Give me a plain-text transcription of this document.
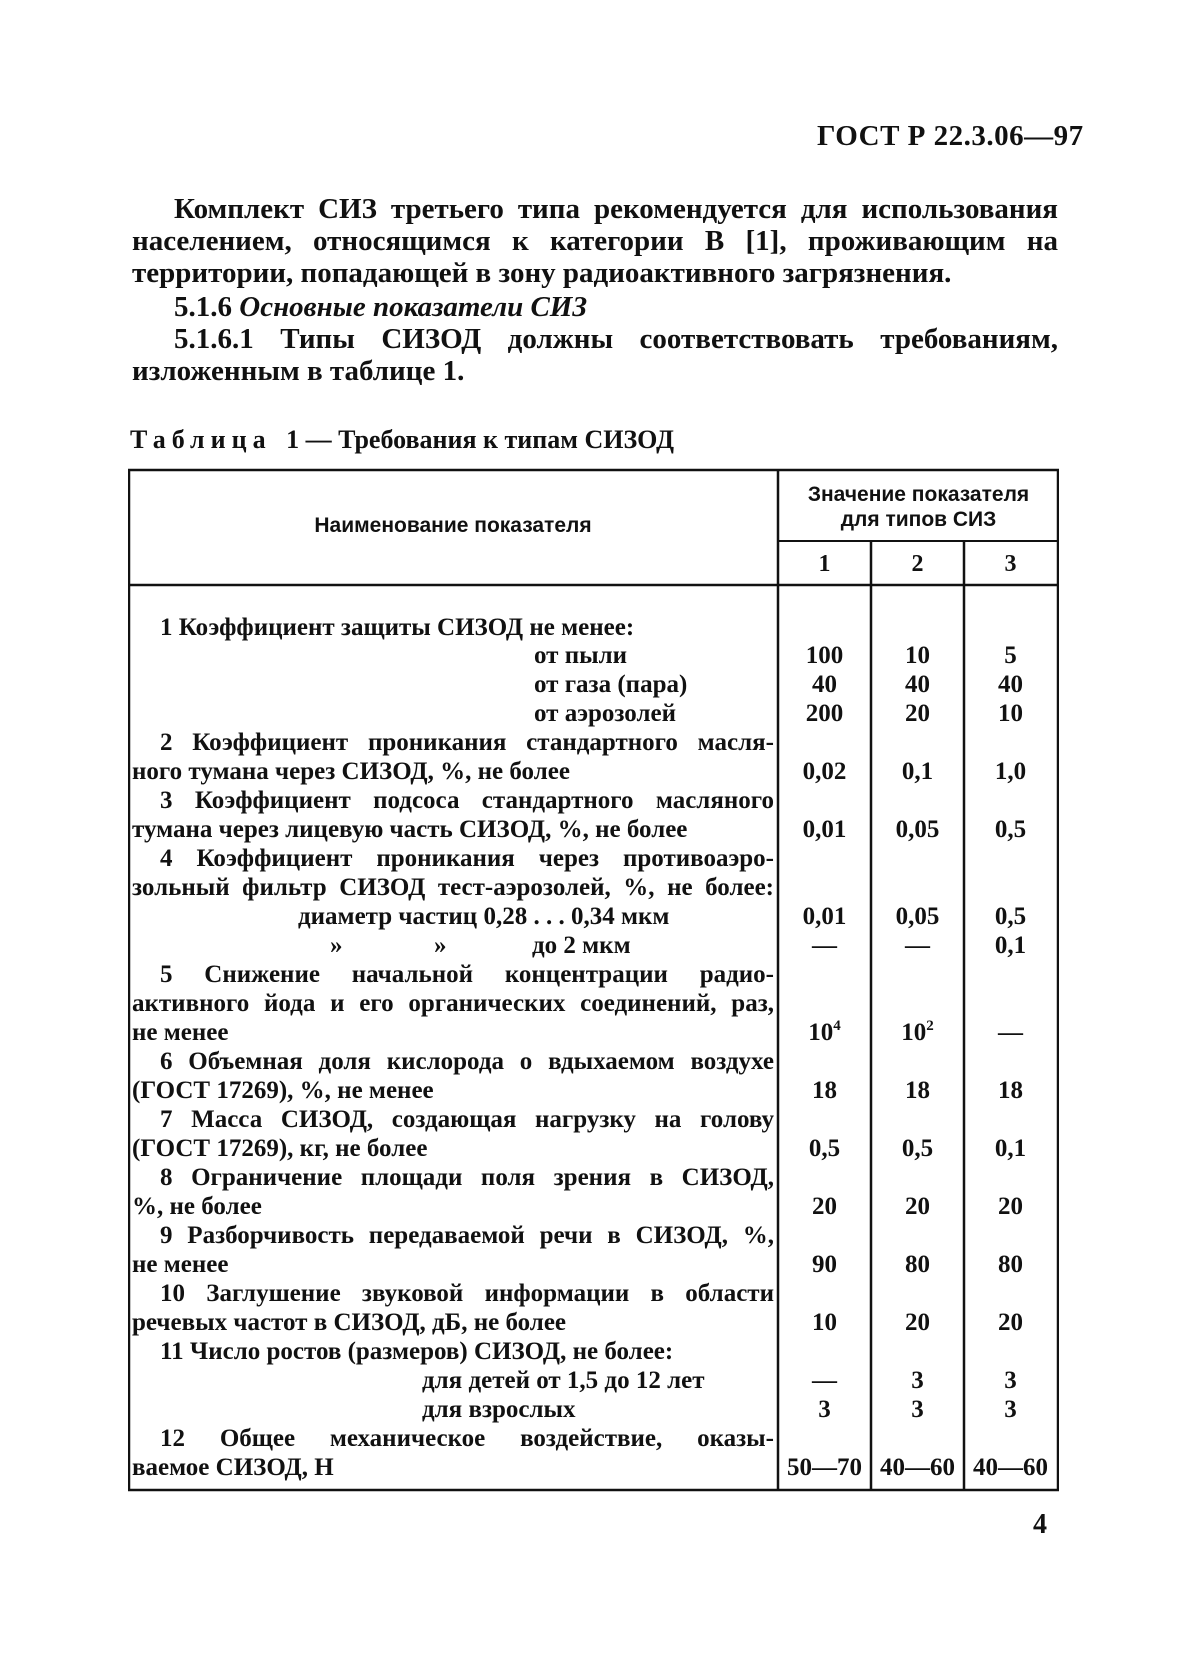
ГОСТ Р 22.3.06—97

Комплект СИЗ третьего типа рекомендуется для использования населением, относящимся к категории В [1], проживающим на территории, попадающей в зону радиоактивного загрязнения.

5.1.6 Основные показатели СИЗ

5.1.6.1 Типы СИЗОД должны соответствовать требованиям, изложенным в таблице 1.

Таблица 1 — Требования к типам СИЗОД
Наименование показателя
Значение показателя
для типов СИЗ
1	2	3
1 Коэффициент защиты СИЗОД не менее:
от пыли	100	10	5
от газа (пара)	40	40	40
от аэрозолей	200	20	10
2 Коэффициент проникания стандартного масля-
ного тумана через СИЗОД, %, не более	0,02	0,1	1,0
3 Коэффициент подсоса стандартного масляного
тумана через лицевую часть СИЗОД, %, не более	0,01	0,05	0,5
4 Коэффициент проникания через противоаэро-
зольный фильтр СИЗОД тест-аэрозолей, %, не более:
диаметр частиц 0,28 . . . 0,34 мкм	0,01	0,05	0,5
»	»	до 2 мкм	—	—	0,1
5 Снижение начальной концентрации радио-
активного йода и его органических соединений, раз,
не менее	$10^4$	$10^2$	—
6 Объемная доля кислорода о вдыхаемом воздухе
(ГОСТ 17269), %, не менее	18	18	18
7 Масса СИЗОД, создающая нагрузку на голову
(ГОСТ 17269), кг, не более	0,5	0,5	0,1
8 Ограничение площади поля зрения в СИЗОД,
%, не более	20	20	20
9 Разборчивость передаваемой речи в СИЗОД, %,
не менее	90	80	80
10 Заглушение звуковой информации в области
речевых частот в СИЗОД, дБ, не более	10	20	20
11 Число ростов (размеров) СИЗОД, не более:
для детей от 1,5 до 12 лет	—	3	3
для взрослых	3	3	3
12 Общее механическое воздействие, оказы-
ваемое СИЗОД, Н	50—70 40—60 40—60
4
